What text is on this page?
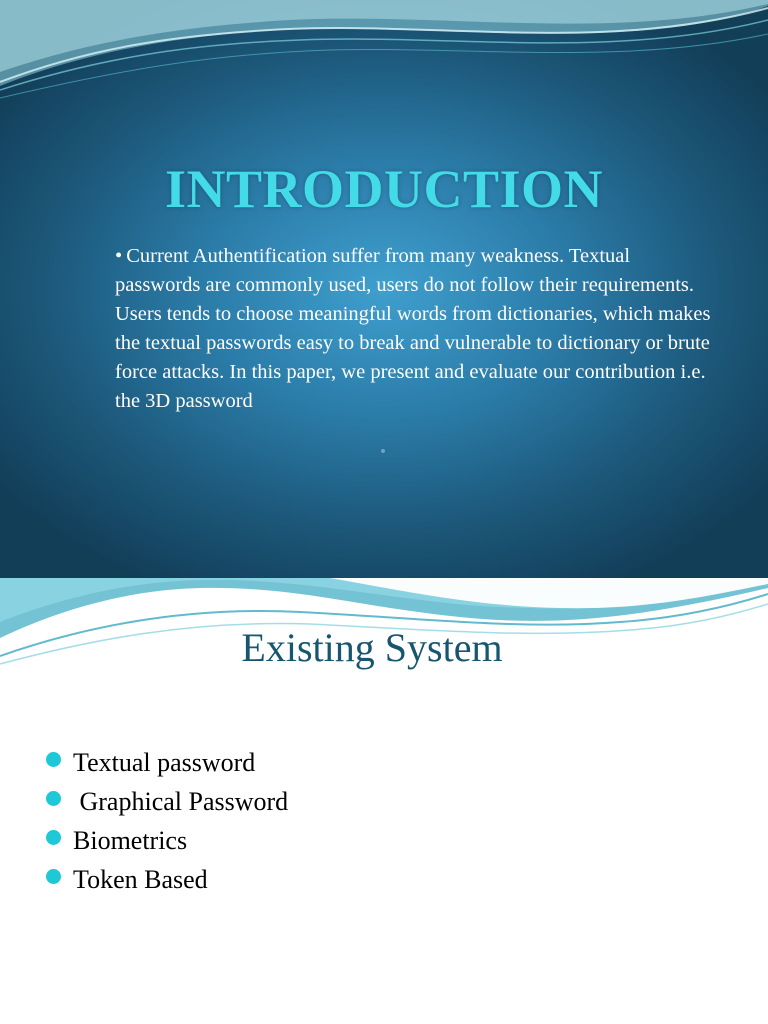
INTRODUCTION
• Current Authentification suffer from many weakness. Textual passwords are commonly used, users do not follow their requirements. Users tends to choose meaningful words from dictionaries, which makes the textual passwords easy to break and vulnerable to dictionary or brute force attacks. In this paper, we present and evaluate our contribution i.e. the 3D password
Existing System
Textual password
Graphical Password
Biometrics
Token Based
